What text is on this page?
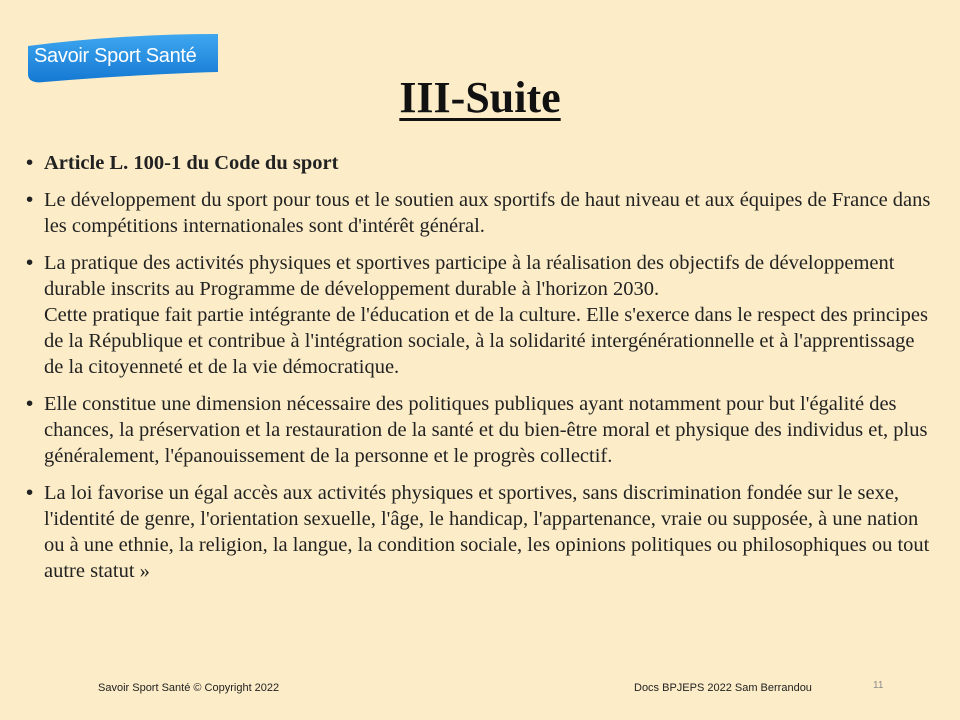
Savoir Sport Santé
III-Suite
• Article L. 100-1 du Code du sport

• Le développement du sport pour tous et le soutien aux sportifs de haut niveau et aux équipes de France dans les compétitions internationales sont d'intérêt général.

• La pratique des activités physiques et sportives participe à la réalisation des objectifs de développement durable inscrits au Programme de développement durable à l'horizon 2030.

Cette pratique fait partie intégrante de l'éducation et de la culture. Elle s'exerce dans le respect des principes de la République et contribue à l'intégration sociale, à la solidarité intergénérationnelle et à l'apprentissage de la citoyenneté et de la vie démocratique.

• Elle constitue une dimension nécessaire des politiques publiques ayant notamment pour but l'égalité des chances, la préservation et la restauration de la santé et du bien-être moral et physique des individus et, plus généralement, l'épanouissement de la personne et le progrès collectif.

• La loi favorise un égal accès aux activités physiques et sportives, sans discrimination fondée sur le sexe, l'identité de genre, l'orientation sexuelle, l'âge, le handicap, l'appartenance, vraie ou supposée, à une nation ou à une ethnie, la religion, la langue, la condition sociale, les opinions politiques ou philosophiques ou tout autre statut »

Savoir Sport Santé © Copyright 2022	Docs BPJEPS 2022 Sam Berrandou	11
